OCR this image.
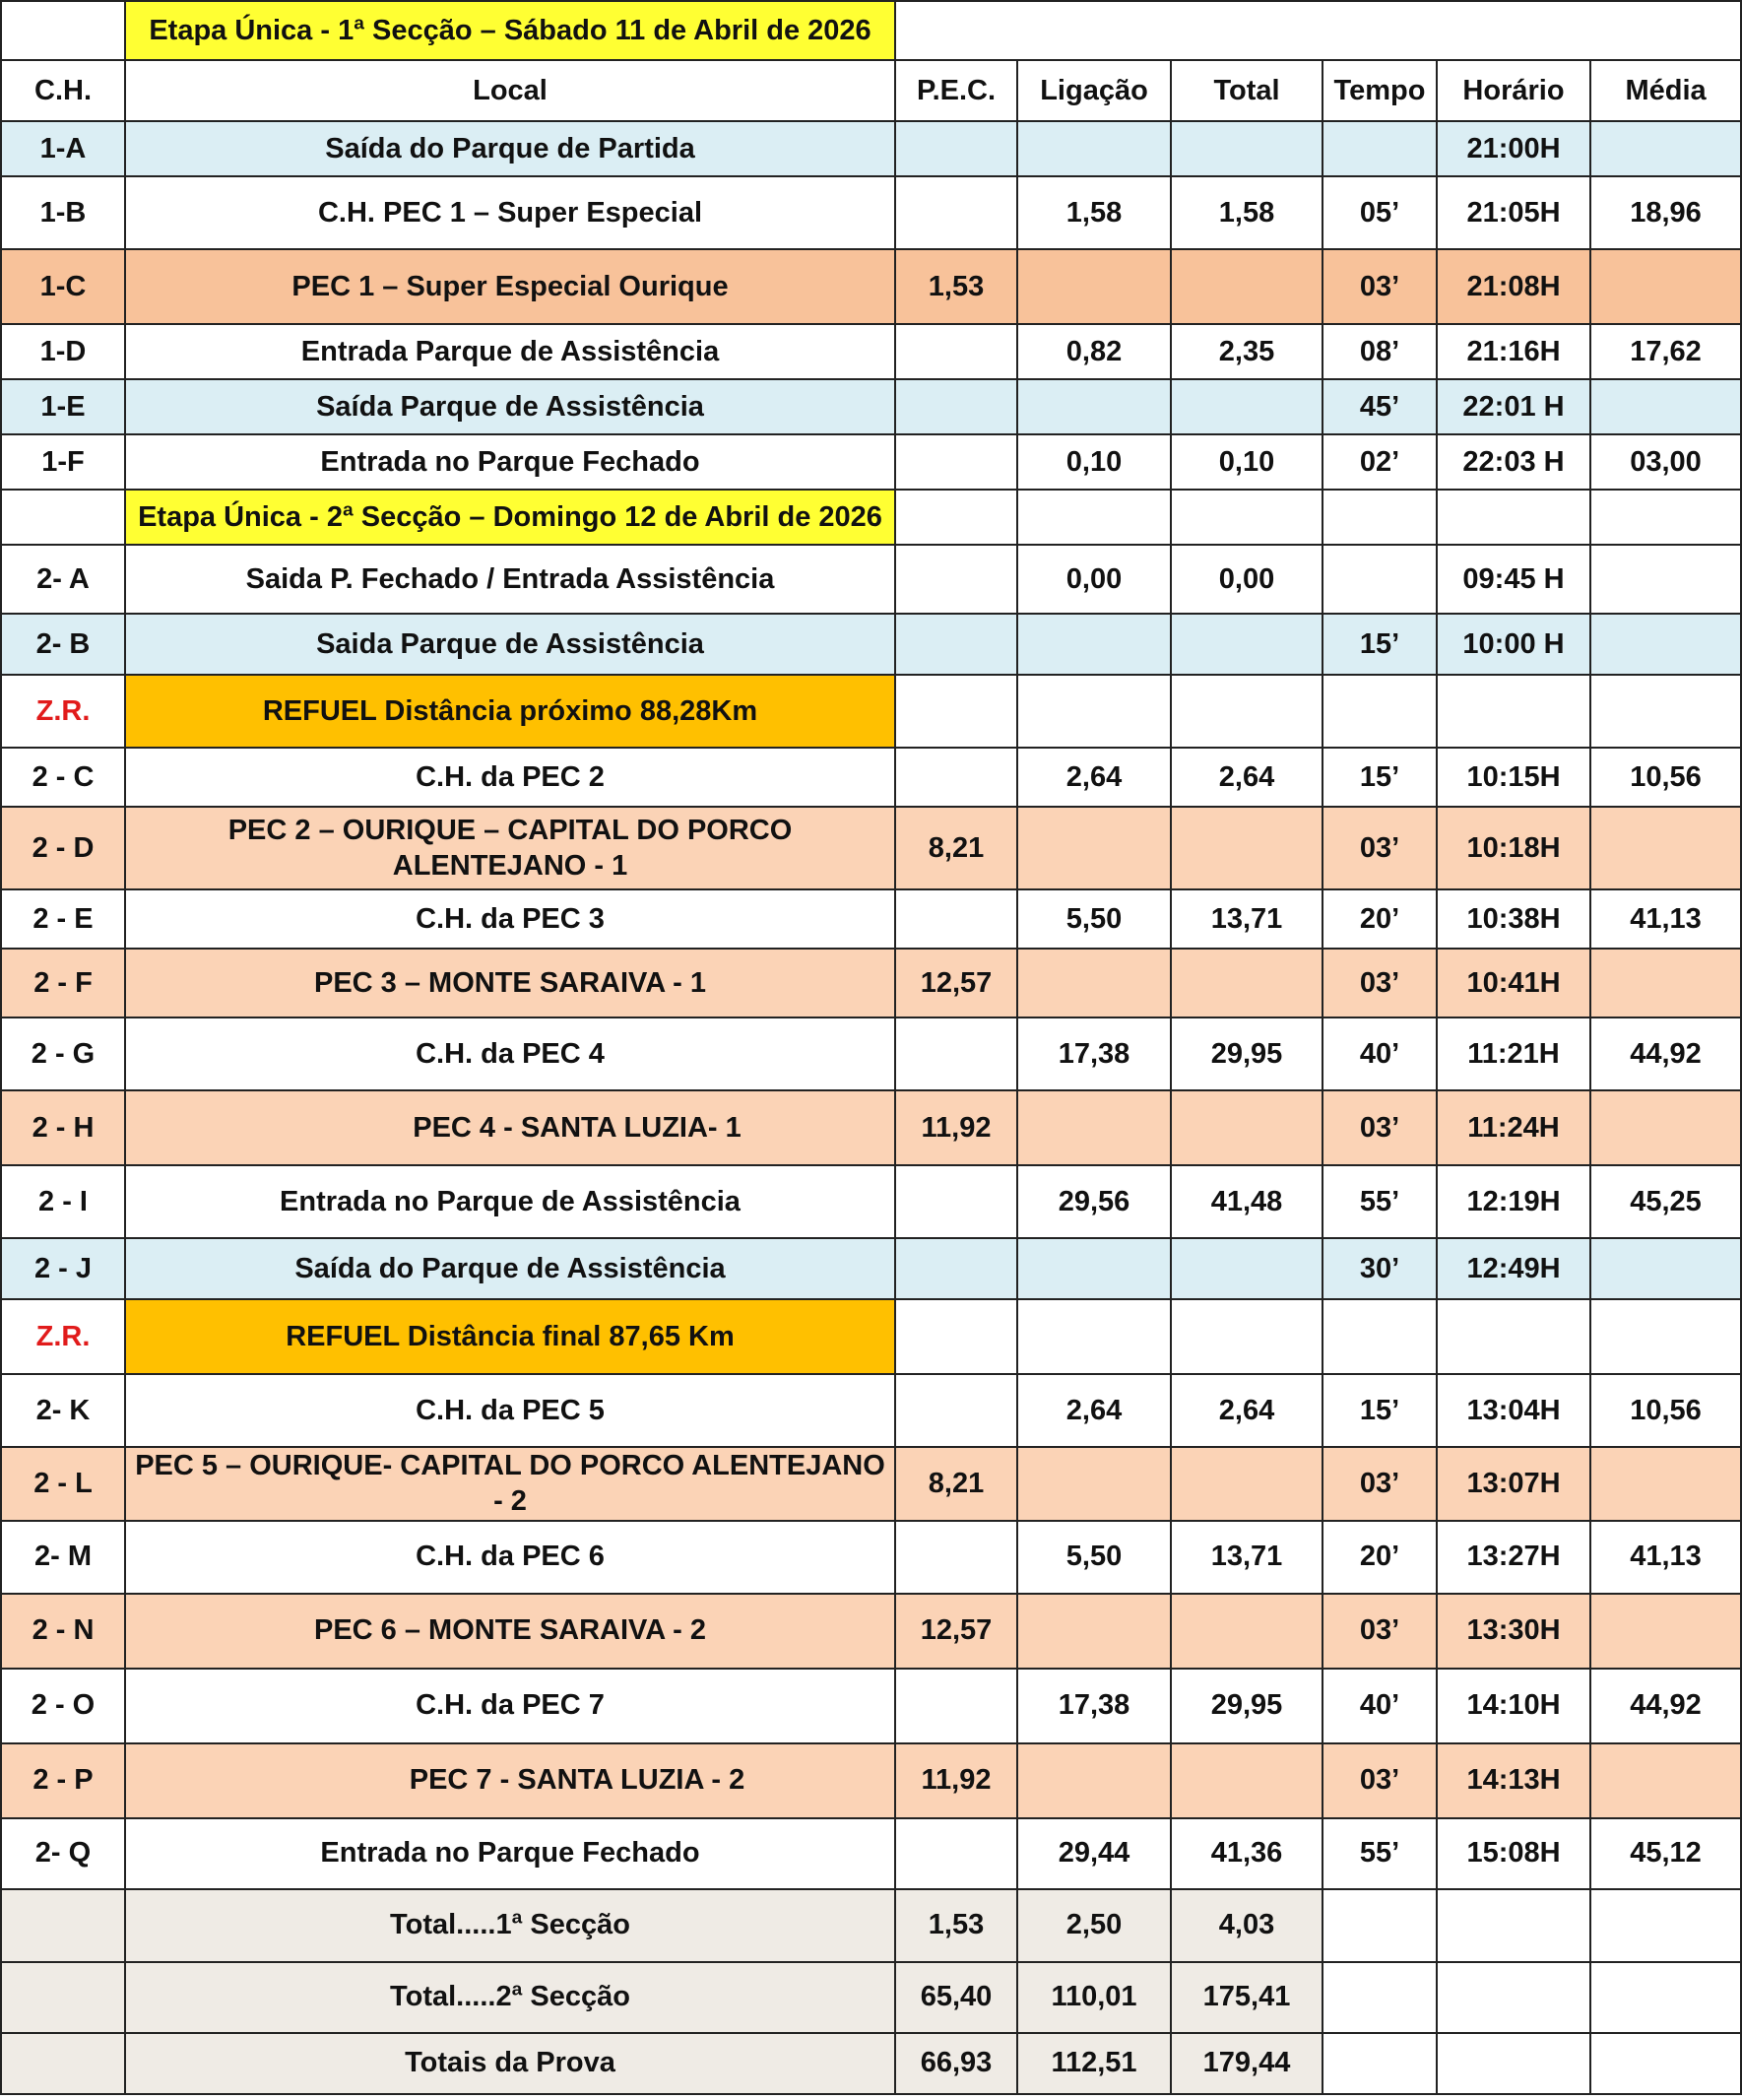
	Etapa Única - 1ª Secção – Sábado 11 de Abril de 2026						
C.H.	Local	P.E.C.	Ligação	Total	Tempo	Horário	Média
1-A	Saída do Parque de Partida					21:00H	
1-B	C.H. PEC 1 – Super Especial		1,58	1,58	05’	21:05H	18,96
1-C	PEC 1 – Super Especial Ourique	1,53			03’	21:08H	
1-D	Entrada Parque de Assistência		0,82	2,35	08’	21:16H	17,62
1-E	Saída Parque de Assistência				45’	22:01 H	
1-F	Entrada no Parque Fechado		0,10	0,10	02’	22:03 H	03,00
	Etapa Única - 2ª Secção – Domingo 12 de Abril de 2026						
2- A	Saida P. Fechado / Entrada Assistência		0,00	0,00		09:45 H	
2- B	Saida Parque de Assistência				15’	10:00 H	
Z.R.	REFUEL Distância próximo 88,28Km						
2 - C	C.H. da PEC 2		2,64	2,64	15’	10:15H	10,56
2 - D	PEC 2 – OURIQUE – CAPITAL DO PORCO ALENTEJANO - 1	8,21			03’	10:18H	
2 - E	C.H. da PEC 3		5,50	13,71	20’	10:38H	41,13
2 - F	PEC 3 – MONTE SARAIVA - 1	12,57			03’	10:41H	
2 - G	C.H. da PEC 4		17,38	29,95	40’	11:21H	44,92
2 - H	PEC 4 - SANTA LUZIA- 1	11,92			03’	11:24H	
2 - I	Entrada no Parque de Assistência		29,56	41,48	55’	12:19H	45,25
2 - J	Saída do Parque de Assistência				30’	12:49H	
Z.R.	REFUEL Distância final 87,65 Km						
2- K	C.H. da PEC 5		2,64	2,64	15’	13:04H	10,56
2 - L	PEC 5 – OURIQUE- CAPITAL DO PORCO ALENTEJANO - 2	8,21			03’	13:07H	
2- M	C.H. da PEC 6		5,50	13,71	20’	13:27H	41,13
2 - N	PEC 6 – MONTE SARAIVA - 2	12,57			03’	13:30H	
2 - O	C.H. da PEC 7		17,38	29,95	40’	14:10H	44,92
2 - P	PEC 7 - SANTA LUZIA - 2	11,92			03’	14:13H	
2- Q	Entrada no Parque Fechado		29,44	41,36	55’	15:08H	45,12
	Total.....1ª Secção	1,53	2,50	4,03			
	Total.....2ª Secção	65,40	110,01	175,41			
	Totais da Prova	66,93	112,51	179,44			
